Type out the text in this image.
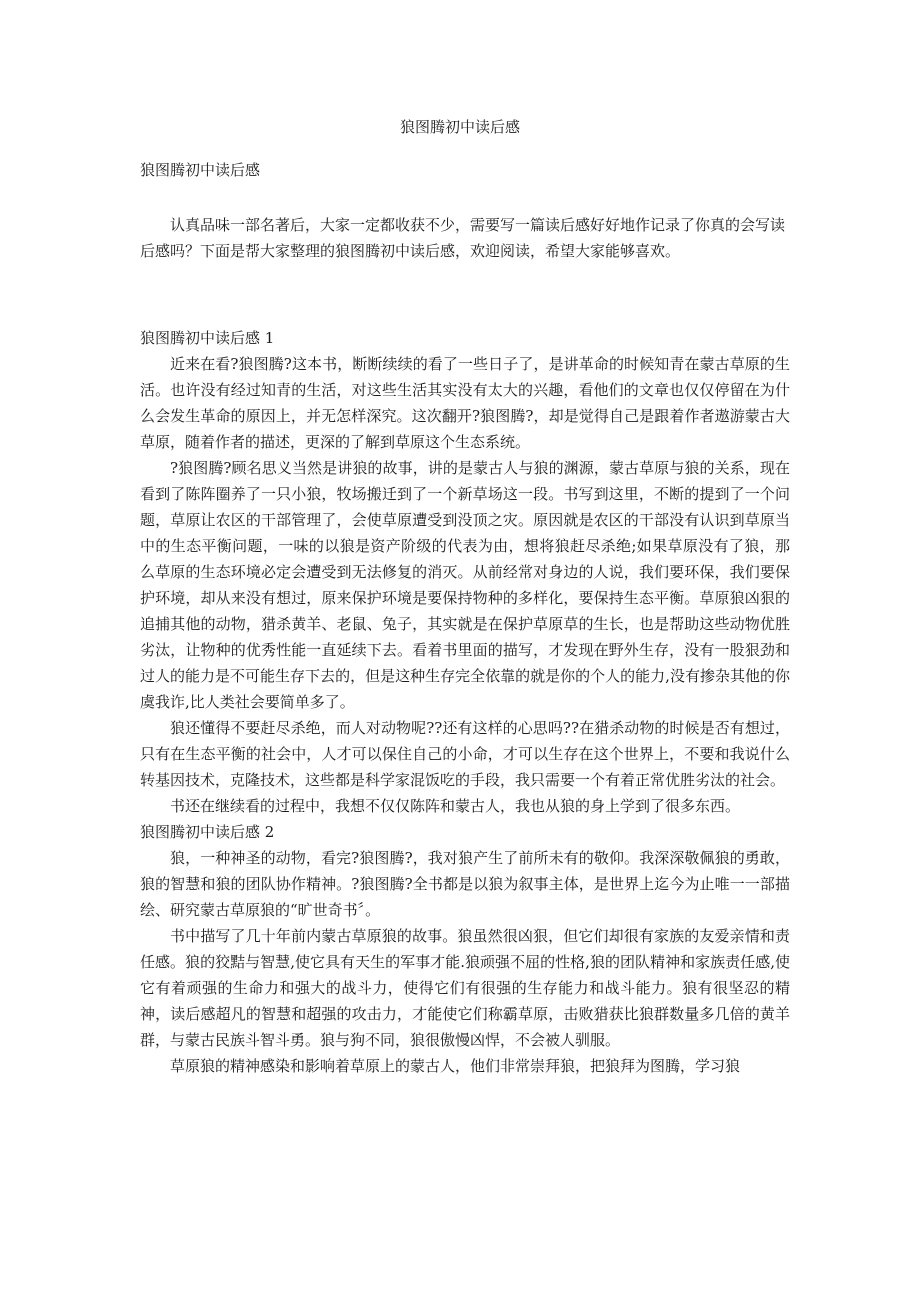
狼图腾初中读后感
狼图腾初中读后感

认真品味一部名著后，大家一定都收获不少，需要写一篇读后感好好地作记录了你真的会写读后感吗？下面是帮大家整理的狼图腾初中读后感，欢迎阅读，希望大家能够喜欢。

狼图腾初中读后感 1

近来在看?狼图腾?这本书，断断续续的看了一些日子了，是讲革命的时候知青在蒙古草原的生活。也许没有经过知青的生活，对这些生活其实没有太大的兴趣，看他们的文章也仅仅停留在为什么会发生革命的原因上，并无怎样深究。这次翻开?狼图腾?，却是觉得自己是跟着作者遨游蒙古大草原，随着作者的描述，更深的了解到草原这个生态系统。

?狼图腾?顾名思义当然是讲狼的故事，讲的是蒙古人与狼的渊源，蒙古草原与狼的关系，现在看到了陈阵圈养了一只小狼，牧场搬迁到了一个新草场这一段。书写到这里，不断的提到了一个问题，草原让农区的干部管理了，会使草原遭受到没顶之灾。原因就是农区的干部没有认识到草原当中的生态平衡问题，一味的以狼是资产阶级的代表为由，想将狼赶尽杀绝;如果草原没有了狼，那么草原的生态环境必定会遭受到无法修复的消灭。从前经常对身边的人说，我们要环保，我们要保护环境，却从来没有想过，原来保护环境是要保持物种的多样化，要保持生态平衡。草原狼凶狠的追捕其他的动物，猎杀黄羊、老鼠、兔子，其实就是在保护草原草的生长，也是帮助这些动物优胜劣汰，让物种的优秀性能一直延续下去。看着书里面的描写，才发现在野外生存，没有一股狠劲和过人的能力是不可能生存下去的，但是这种生存完全依靠的就是你的个人的能力,没有掺杂其他的你虞我诈,比人类社会要简单多了。

狼还懂得不要赶尽杀绝，而人对动物呢??还有这样的心思吗??在猎杀动物的时候是否有想过，只有在生态平衡的社会中，人才可以保住自己的小命，才可以生存在这个世界上，不要和我说什么转基因技术，克隆技术，这些都是科学家混饭吃的手段，我只需要一个有着正常优胜劣汰的社会。

书还在继续看的过程中，我想不仅仅陈阵和蒙古人，我也从狼的身上学到了很多东西。

狼图腾初中读后感 2

狼，一种神圣的动物，看完?狼图腾?，我对狼产生了前所未有的敬仰。我深深敬佩狼的勇敢，狼的智慧和狼的团队协作精神。?狼图腾?全书都是以狼为叙事主体，是世界上迄今为止唯一一部描绘、研究蒙古草原狼的“旷世奇书〞。

书中描写了几十年前内蒙古草原狼的故事。狼虽然很凶狠，但它们却很有家族的友爱亲情和责任感。狼的狡黠与智慧,使它具有天生的军事才能.狼顽强不屈的性格,狼的团队精神和家族责任感,使它有着顽强的生命力和强大的战斗力，使得它们有很强的生存能力和战斗能力。狼有很坚忍的精神，读后感超凡的智慧和超强的攻击力，才能使它们称霸草原，击败猎获比狼群数量多几倍的黄羊群，与蒙古民族斗智斗勇。狼与狗不同，狼很傲慢凶悍，不会被人驯服。

草原狼的精神感染和影响着草原上的蒙古人，他们非常崇拜狼，把狼拜为图腾，学习狼
